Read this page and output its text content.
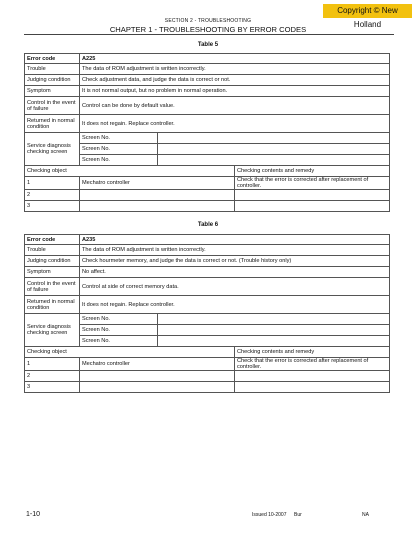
Copyright © New Holland
SECTION 2 - TROUBLESHOOTING
CHAPTER 1 - TROUBLESHOOTING BY ERROR CODES
Table 5
Error code	A225			
Trouble	The data of ROM adjustment is written incorrectly.			
Judging condition	Check adjustment data, and judge the data is correct or not.			
Symptom	It is not normal output, but no problem in normal operation.			
Control in the event of failure	Control can be done by default value.			
Returned in normal condition	It does not regain. Replace controller.			
Service diagnosis checking screen	Screen No.			
	Screen No.			
	Screen No.			
Checking object			Checking contents and remedy	
1	Mechatro controller		Check that the error is corrected after replacement of controller.	
2				
3				

Table 6
Error code	A235			
Trouble	The data of ROM adjustment is written incorrectly.			
Judging condition	Check hourmeter memory, and judge the data is correct or not. (Trouble history only)			
Symptom	No affect.			
Control in the event of failure	Control at side of correct memory data.			
Returned in normal condition	It does not regain. Replace controller.			
Service diagnosis checking screen	Screen No.			
	Screen No.			
	Screen No.			
Checking object			Checking contents and remedy	
1	Mechatro controller		Check that the error is corrected after replacement of controller.	
2				
3				

1-10	Issued 10-2007 Bur	NA
